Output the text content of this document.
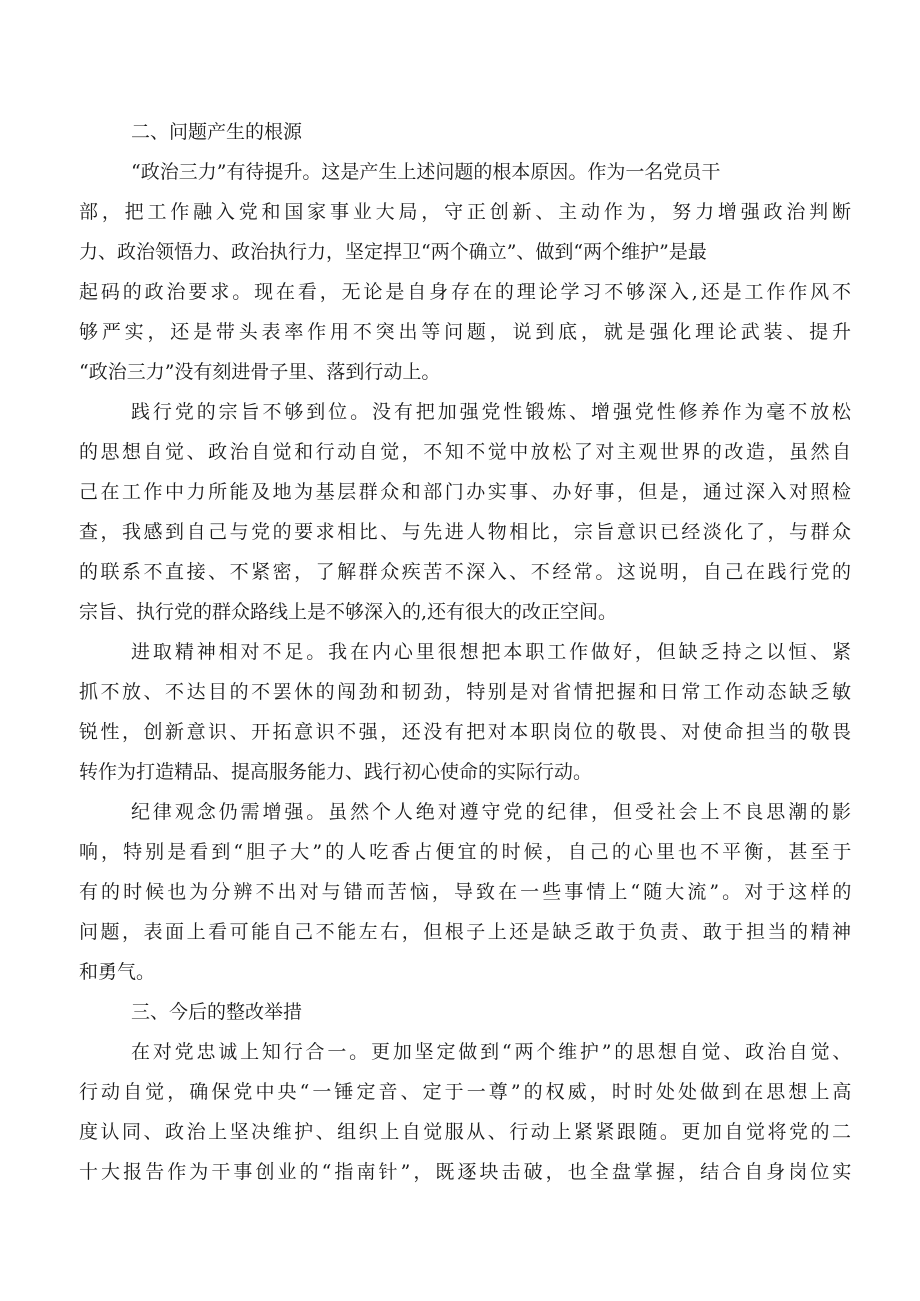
二、问题产生的根源
“政治三力”有待提升。这是产生上述问题的根本原因。作为一名党员干
部，把工作融入党和国家事业大局，守正创新、主动作为，努力增强政治判断
力、政治领悟力、政治执行力，坚定捍卫“两个确立”、做到“两个维护”是最
起码的政治要求。现在看，无论是自身存在的理论学习不够深入,还是工作作风不
够严实，还是带头表率作用不突出等问题，说到底，就是强化理论武装、提升
“政治三力”没有刻进骨子里、落到行动上。
践行党的宗旨不够到位。没有把加强党性锻炼、增强党性修养作为毫不放松
的思想自觉、政治自觉和行动自觉，不知不觉中放松了对主观世界的改造，虽然自
己在工作中力所能及地为基层群众和部门办实事、办好事，但是，通过深入对照检
查，我感到自己与党的要求相比、与先进人物相比，宗旨意识已经淡化了，与群众
的联系不直接、不紧密，了解群众疾苦不深入、不经常。这说明，自己在践行党的
宗旨、执行党的群众路线上是不够深入的,还有很大的改正空间。
进取精神相对不足。我在内心里很想把本职工作做好，但缺乏持之以恒、紧
抓不放、不达目的不罢休的闯劲和韧劲，特别是对省情把握和日常工作动态缺乏敏
锐性，创新意识、开拓意识不强，还没有把对本职岗位的敬畏、对使命担当的敬畏
转作为打造精品、提高服务能力、践行初心使命的实际行动。
纪律观念仍需增强。虽然个人绝对遵守党的纪律，但受社会上不良思潮的影
响，特别是看到“胆子大”的人吃香占便宜的时候，自己的心里也不平衡，甚至于
有的时候也为分辨不出对与错而苦恼，导致在一些事情上“随大流”。对于这样的
问题，表面上看可能自己不能左右，但根子上还是缺乏敢于负责、敢于担当的精神
和勇气。
三、今后的整改举措
在对党忠诚上知行合一。更加坚定做到“两个维护”的思想自觉、政治自觉、
行动自觉，确保党中央“一锤定音、定于一尊”的权威，时时处处做到在思想上高
度认同、政治上坚决维护、组织上自觉服从、行动上紧紧跟随。更加自觉将党的二
十大报告作为干事创业的“指南针”，既逐块击破，也全盘掌握，结合自身岗位实
